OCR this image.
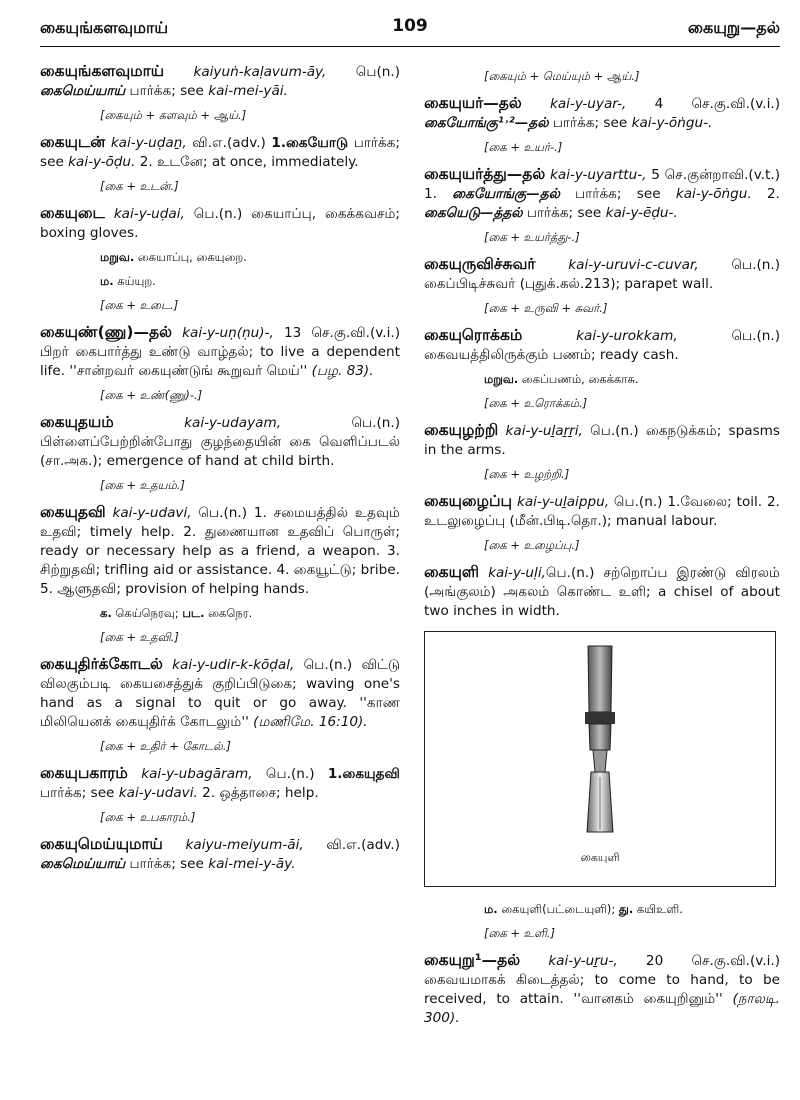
கையுங்களவுமாய்	109	கையுறு—தல்
கையுங்களவுமாய் kaiyuṅ-kaḷavum-āy, பெ(n.) கைமெய்யாய் பார்க்க; see kai-mei-yāi.
[கையும் + களவும் + ஆய்.]
கையுடன் kai-y-uḍaṉ, வி.எ.(adv.) 1.கையோடு பார்க்க; see kai-y-ōḍu. 2. உடனே; at once, immediately.
[கை + உடன்.]
கையுடை kai-y-uḍai, பெ.(n.) கையாப்பு, கைக்கவசம்; boxing gloves.
மறுவ. கையாப்பு, கையுறை.
ம. கய்யுற.
[கை + உடை.]
கையுண்(ணு)—தல் kai-y-uṇ(ṇu)-, 13 செ.கு.வி.(v.i.) பிறர் கைபார்த்து உண்டு வாழ்தல்; to live a dependent life. ''சான்றவர் கையுண்டுங் கூறுவர் மெய்'' (பழ. 83).
[கை + உண்(ணு)-.]
கையுதயம்	kai-y-udayam, பெ.(n.) பிள்ளைப்பேற்றின்போது குழந்தையின் கை வெளிப்படல் (சா.அக.); emergence of hand at child birth.
[கை + உதயம்.]
கையுதவி kai-y-udavi, பெ.(n.) 1. சமையத்தில் உதவும் உதவி; timely help. 2. துணையான உதவிப் பொருள்; ready or necessary help as a friend, a weapon. 3. சிற்றுதவி; trifling aid or assistance. 4. கையூட்டு; bribe. 5. ஆளுதவி; provision of helping hands.
க. கெய்நெரவு; பட. கைநெர.
[கை + உதவி.]
கையுதிர்க்கோடல் kai-y-udir-k-kōḍal, பெ.(n.) விட்டு விலகும்படி கையசைத்துக் குறிப்பிடுகை; waving one's hand as a signal to quit or go away. ''காண மிலியெனக் கையுதிர்க் கோடலும்'' (மணிமே. 16:10).
[கை + உதிர் + கோடல்.]
கையுபகாரம் kai-y-ubagāram, பெ.(n.) 1.கையுதவி பார்க்க; see kai-y-udavi. 2. ஒத்தாசை; help.
[கை + உபகாரம்.]
கையுமெய்யுமாய் kaiyu-meiyum-āi, வி.எ.(adv.) கைமெய்யாய் பார்க்க; see kai-mei-y-āy.
[கையும் + மெய்யும் + ஆய்.]
கையுயர்—தல் kai-y-uyar-, 4 செ.கு.வி.(v.i.) கையோங்கு¹˒²—தல் பார்க்க; see kai-y-ōṅgu-.
[கை + உயர்-.]
கையுயர்த்து—தல் kai-y-uyarttu-, 5 செ.குன்றாவி.(v.t.) 1. கையோங்கு—தல் பார்க்க; see kai-y-ōṅgu. 2. கையெடு—த்தல் பார்க்க; see kai-y-ēḍu-.
[கை + உயர்த்து-.]
கையுருவிச்சுவர் kai-y-uruvi-c-cuvar, பெ.(n.) கைப்பிடிச்சுவர் (புதுக்.கல்.213); parapet wall.
[கை + உருவி + சுவர்.]
கையுரொக்கம்	kai-y-urokkam, பெ.(n.) கைவயத்திலிருக்கும் பணம்; ready cash.
மறுவ. கைப்பணம், கைக்காசு.
[கை + உரொக்கம்.]
கையுழற்றி kai-y-uḻaṟṟi, பெ.(n.) கைநடுக்கம்; spasms in the arms.
[கை + உழற்றி.]
கையுழைப்பு kai-y-uḻaippu, பெ.(n.) 1.வேலை; toil. 2. உடலுழைப்பு (மீன்.பிடி.தொ.); manual labour.
[கை + உழைப்பு.]
கையுளி kai-y-uḷi,பெ.(n.) சற்றொப்ப இரண்டு விரலம் (அங்குலம்) அகலம் கொண்ட உளி; a chisel of about two inches in width.
கையுளி
ம. கையுளி(பட்டையுளி); து. கயிஉளி.
[கை + உளி.]
கையுறு¹—தல் kai-y-uṟu-, 20 செ.கு.வி.(v.i.) கைவயமாகக் கிடைத்தல்; to come to hand, to be received, to attain. ''வானகம் கையுறினும்'' (நாலடி. 300).
